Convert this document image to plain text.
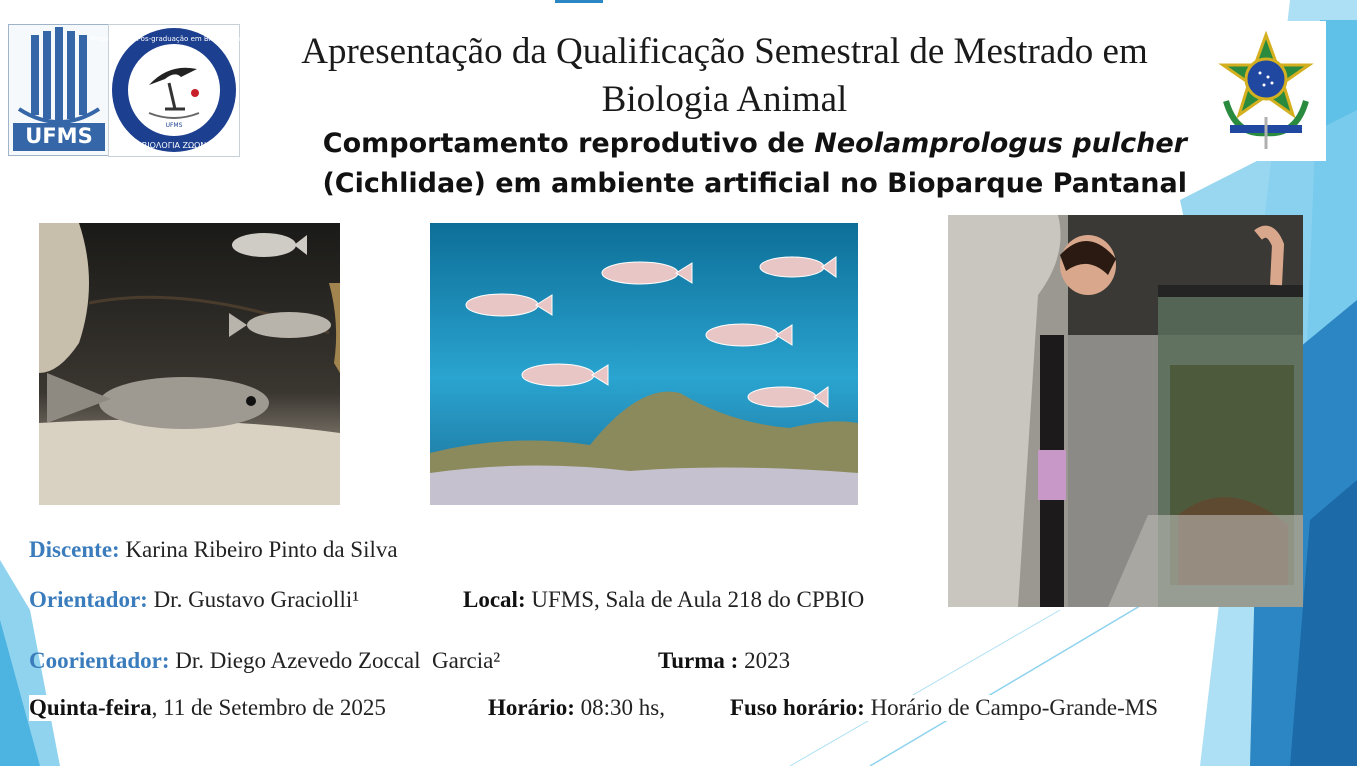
UFMS
Programa de Pós-graduação em Biologia Animal
ΒΙΟΛΟΓΙΑ ΖΩΩΝ
UFMS
Apresentação da Qualificação Semestral de Mestrado em Biologia Animal
Comportamento reprodutivo de Neolamprologus pulcher
(Cichlidae) em ambiente artificial no Bioparque Pantanal
Discente: Karina Ribeiro Pinto da Silva
Orientador: Dr. Gustavo Graciolli¹	Local: UFMS, Sala de Aula 218 do CPBIO
Coorientador: Dr. Diego Azevedo Zoccal  Garcia²	Turma : 2023
Quinta-feira, 11 de Setembro de 2025	Horário: 08:30 hs,	Fuso horário: Horário de Campo-Grande-MS
